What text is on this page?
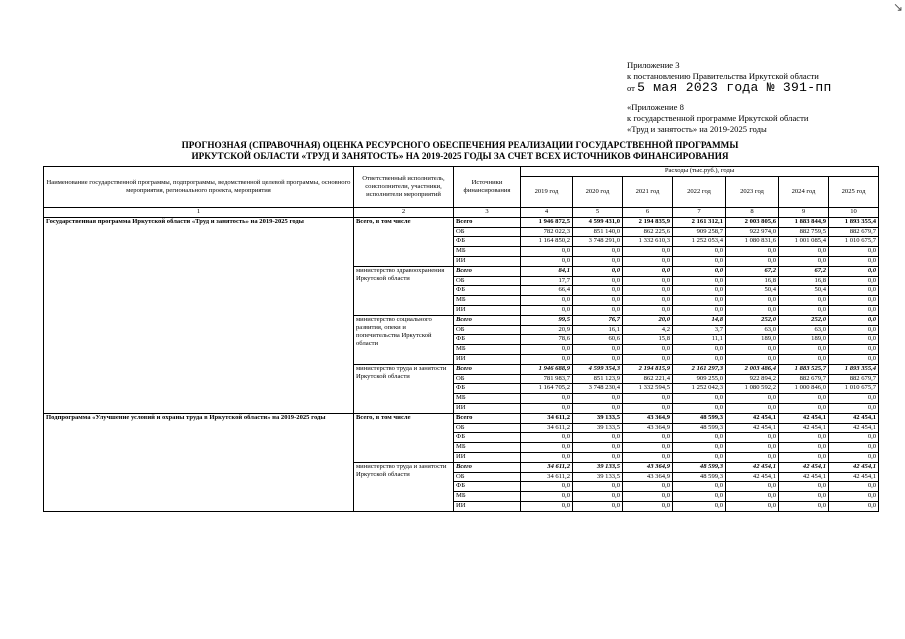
↘
Приложение 3
к постановлению Правительства Иркутской области
от 5 мая 2023 года № 391-пп
«Приложение 8
к государственной программе Иркутской области
«Труд и занятость» на 2019-2025 годы
ПРОГНОЗНАЯ (СПРАВОЧНАЯ) ОЦЕНКА РЕСУРСНОГО ОБЕСПЕЧЕНИЯ РЕАЛИЗАЦИИ ГОСУДАРСТВЕННОЙ ПРОГРАММЫ
ИРКУТСКОЙ ОБЛАСТИ «ТРУД И ЗАНЯТОСТЬ» НА 2019-2025 ГОДЫ ЗА СЧЕТ ВСЕХ ИСТОЧНИКОВ ФИНАНСИРОВАНИЯ
Наименование государственной программы, подпрограммы, ведомственной целевой программы, основного мероприятия, регионального проекта, мероприятия	Ответственный исполнитель, соисполнители, участники, исполнители мероприятий	Источники финансирования	Расходы (тыс.руб.), годы						
			2019 год	2020 год	2021 год	2022 год	2023 год	2024 год	2025 год
1	2	3	4	5	6	7	8	9	10
Государственная программа Иркутской области «Труд и занятость» на 2019-2025 годы	Всего, в том числе	Всего	1 946 872,5	4 599 431,0	2 194 835,9	2 161 312,1	2 003 805,6	1 883 844,9	1 893 355,4
		ОБ	782 022,3	851 140,0	862 225,6	909 258,7	922 974,0	882 759,5	882 679,7
		ФБ	1 164 850,2	3 748 291,0	1 332 610,3	1 252 053,4	1 080 831,6	1 001 085,4	1 010 675,7
		МБ	0,0	0,0	0,0	0,0	0,0	0,0	0,0
		ИИ	0,0	0,0	0,0	0,0	0,0	0,0	0,0
	министерство здравоохранения Иркутской области	Всего	84,1	0,0	0,0	0,0	67,2	67,2	0,0
		ОБ	17,7	0,0	0,0	0,0	16,8	16,8	0,0
		ФБ	66,4	0,0	0,0	0,0	50,4	50,4	0,0
		МБ	0,0	0,0	0,0	0,0	0,0	0,0	0,0
		ИИ	0,0	0,0	0,0	0,0	0,0	0,0	0,0
	министерство социального развития, опеки и попечительства Иркутской области	Всего	99,5	76,7	20,0	14,8	252,0	252,0	0,0
		ОБ	20,9	16,1	4,2	3,7	63,0	63,0	0,0
		ФБ	78,6	60,6	15,8	11,1	189,0	189,0	0,0
		МБ	0,0	0,0	0,0	0,0	0,0	0,0	0,0
		ИИ	0,0	0,0	0,0	0,0	0,0	0,0	0,0
	министерство труда и занятости Иркутской области	Всего	1 946 688,9	4 599 354,3	2 194 815,9	2 161 297,3	2 003 486,4	1 883 525,7	1 893 355,4
		ОБ	781 983,7	851 123,9	862 221,4	909 255,0	922 894,2	882 679,7	882 679,7
		ФБ	1 164 705,2	3 748 230,4	1 332 594,5	1 252 042,3	1 080 592,2	1 000 846,0	1 010 675,7
		МБ	0,0	0,0	0,0	0,0	0,0	0,0	0,0
		ИИ	0,0	0,0	0,0	0,0	0,0	0,0	0,0
Подпрограмма «Улучшение условий и охраны труда в Иркутской области» на 2019-2025 годы	Всего, в том числе	Всего	34 611,2	39 133,5	43 364,9	48 599,3	42 454,1	42 454,1	42 454,1
		ОБ	34 611,2	39 133,5	43 364,9	48 599,3	42 454,1	42 454,1	42 454,1
		ФБ	0,0	0,0	0,0	0,0	0,0	0,0	0,0
		МБ	0,0	0,0	0,0	0,0	0,0	0,0	0,0
		ИИ	0,0	0,0	0,0	0,0	0,0	0,0	0,0
	министерство труда и занятости Иркутской области	Всего	34 611,2	39 133,5	43 364,9	48 599,3	42 454,1	42 454,1	42 454,1
		ОБ	34 611,2	39 133,5	43 364,9	48 599,3	42 454,1	42 454,1	42 454,1
		ФБ	0,0	0,0	0,0	0,0	0,0	0,0	0,0
		МБ	0,0	0,0	0,0	0,0	0,0	0,0	0,0
		ИИ	0,0	0,0	0,0	0,0	0,0	0,0	0,0
